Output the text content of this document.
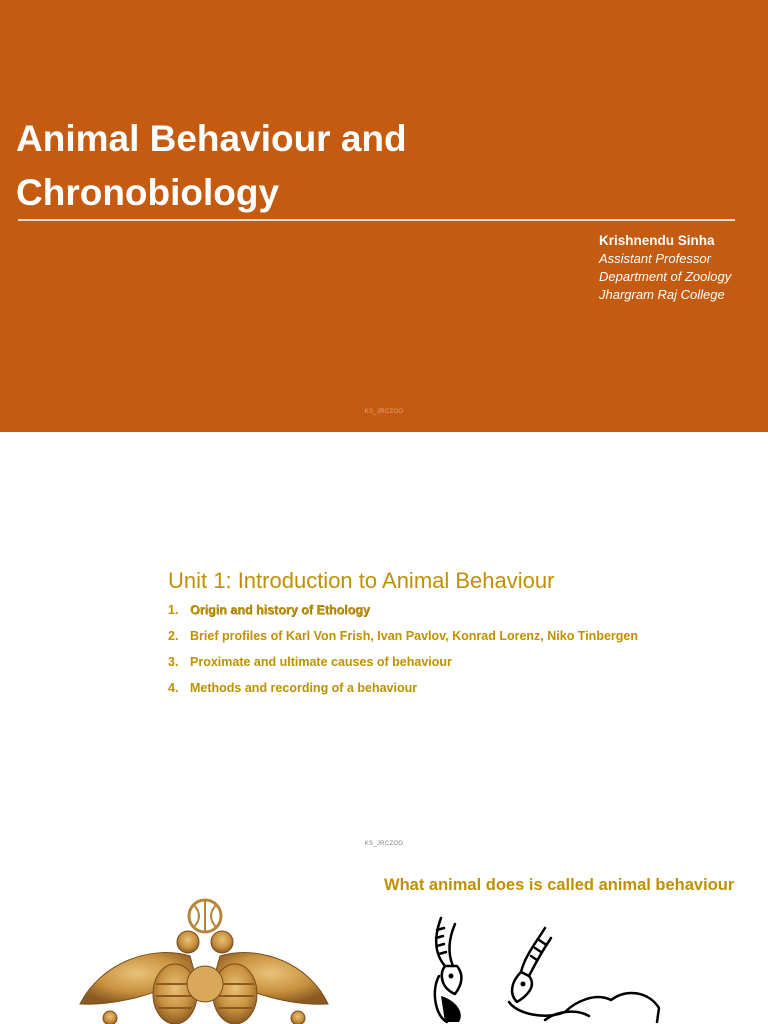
Animal Behaviour and
Chronobiology
Krishnendu Sinha
Assistant Professor
Department of Zoology
Jhargram Raj College
KS_JRCZOO
Unit 1: Introduction to Animal Behaviour
1. Origin and history of Ethology
2. Brief profiles of Karl Von Frish, Ivan Pavlov, Konrad Lorenz, Niko Tinbergen
3. Proximate and ultimate causes of behaviour
4. Methods and recording of a behaviour
KS_JRCZOO
What animal does is called animal behaviour
